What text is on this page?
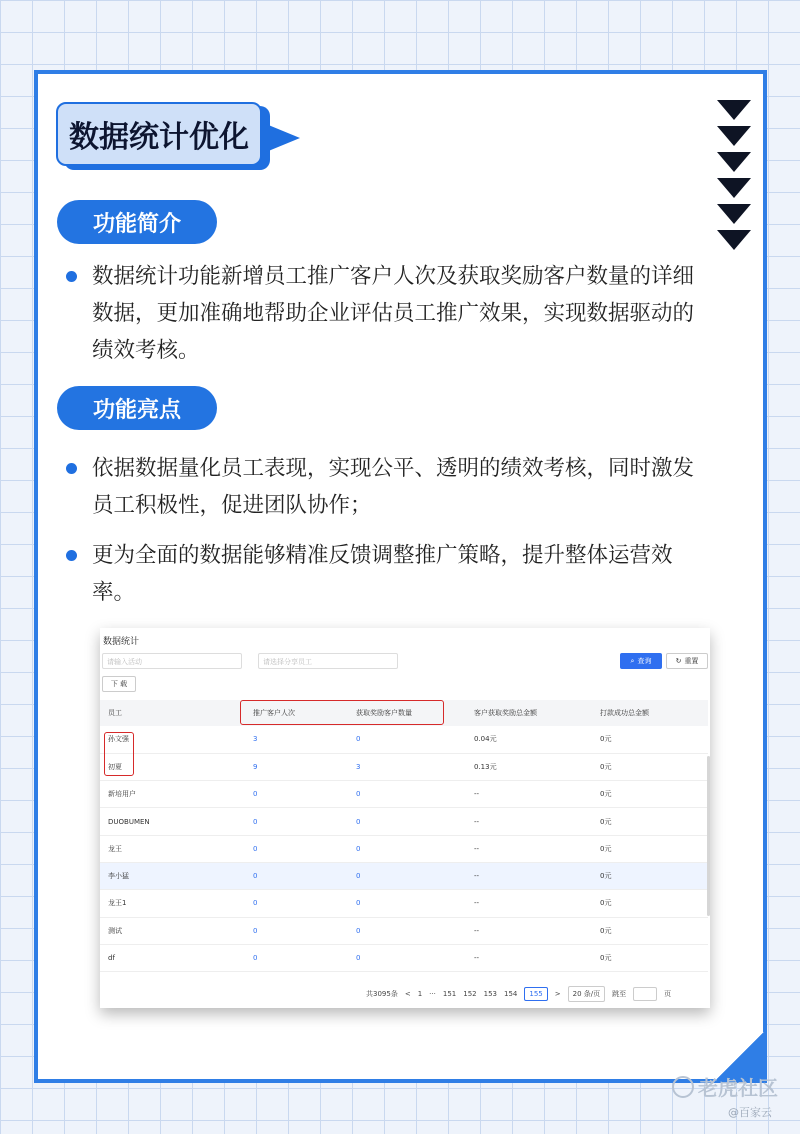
数据统计优化
功能简介
数据统计功能新增员工推广客户人次及获取奖励客户数量的详细数据，更加准确地帮助企业评估员工推广效果，实现数据驱动的绩效考核。
功能亮点
依据数据量化员工表现，实现公平、透明的绩效考核，同时激发员工积极性，促进团队协作；
更为全面的数据能够精准反馈调整推广策略，提升整体运营效率。
数据统计
请输入活动	请选择分享员工	⌕ 查询	↻ 重置
下 载
员工	推广客户人次	获取奖励客户数量	客户获取奖励总金额	打款成功总金额
孙文强	3	0	0.04元	0元
初夏	9	3	0.13元	0元
新培用户	0	0	--	0元
DUOBUMEN	0	0	--	0元
龙王	0	0	--	0元
李小猛	0	0	--	0元
龙王1	0	0	--	0元
测试	0	0	--	0元
df	0	0	--	0元
共3095条 < 1 ··· 151 152 153 154	155	>	20 条/页	跳至	页
老虎社区
@百家云
